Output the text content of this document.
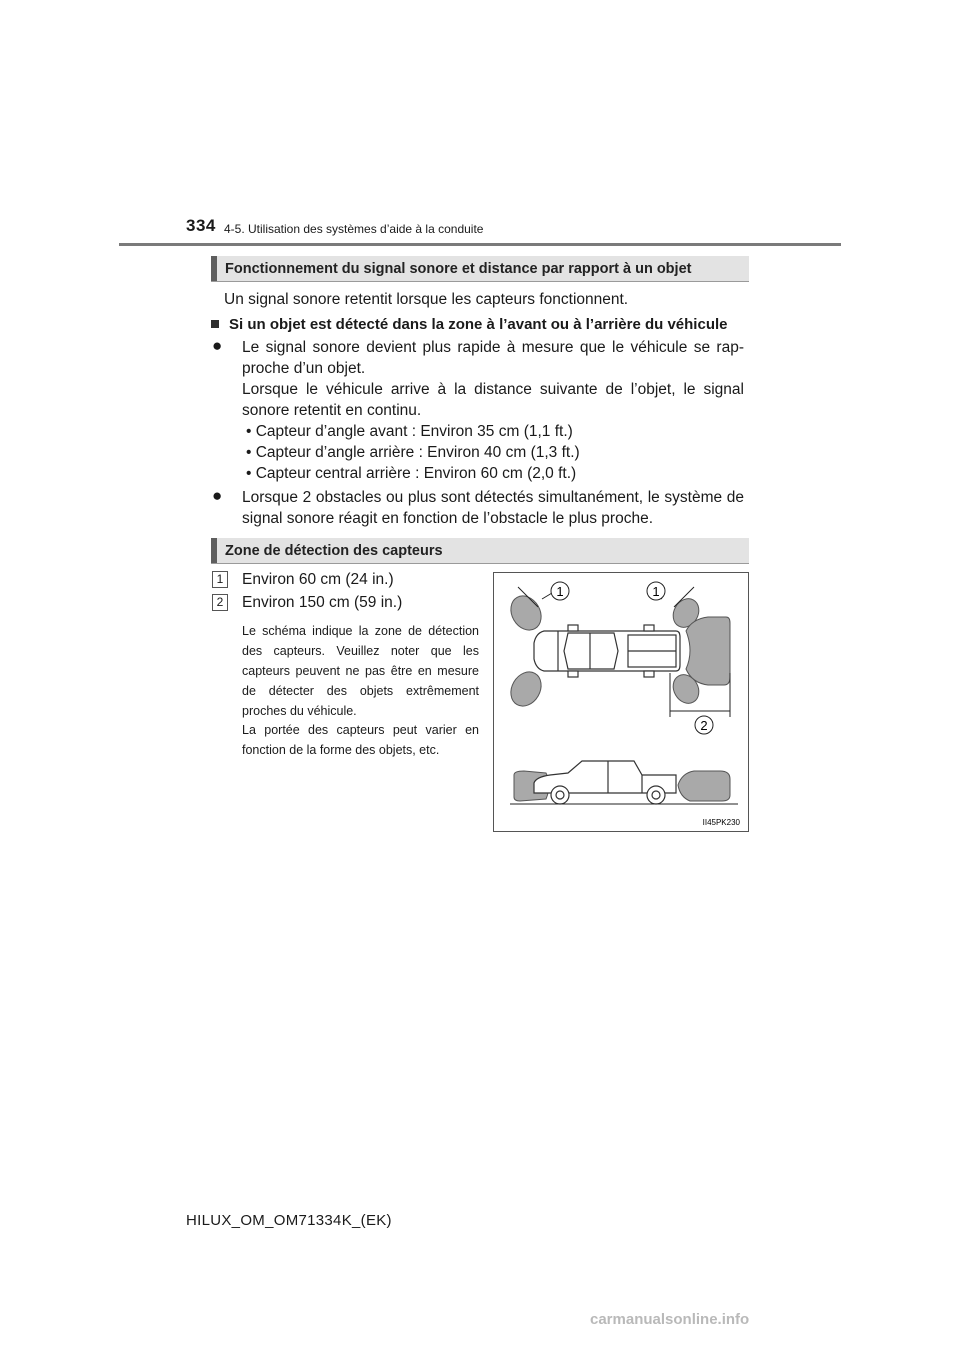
334 4-5. Utilisation des systèmes d’aide à la conduite
Fonctionnement du signal sonore et distance par rapport à un objet
Un signal sonore retentit lorsque les capteurs fonctionnent.
Si un objet est détecté dans la zone à l’avant ou à l’arrière du véhicule
● Le signal sonore devient plus rapide à mesure que le véhicule se rap-
proche d’un objet.
Lorsque le véhicule arrive à la distance suivante de l’objet, le signal sonore retentit en continu.
• Capteur d’angle avant : Environ 35 cm (1,1 ft.)
• Capteur d’angle arrière : Environ 40 cm (1,3 ft.)
• Capteur central arrière : Environ 60 cm (2,0 ft.)
● Lorsque 2 obstacles ou plus sont détectés simultanément, le système de signal sonore réagit en fonction de l’obstacle le plus proche.
Zone de détection des capteurs
1	Environ 60 cm (24 in.)
2	Environ 150 cm (59 in.)
Le schéma indique la zone de détection des capteurs. Veuillez noter que les capteurs peuvent ne pas être en mesure de détecter des objets extrêmement proches du véhicule.
La portée des capteurs peut varier en fonction de la forme des objets, etc.
1	1
2
II45PK230
HILUX_OM_OM71334K_(EK)
carmanualsonline.info
